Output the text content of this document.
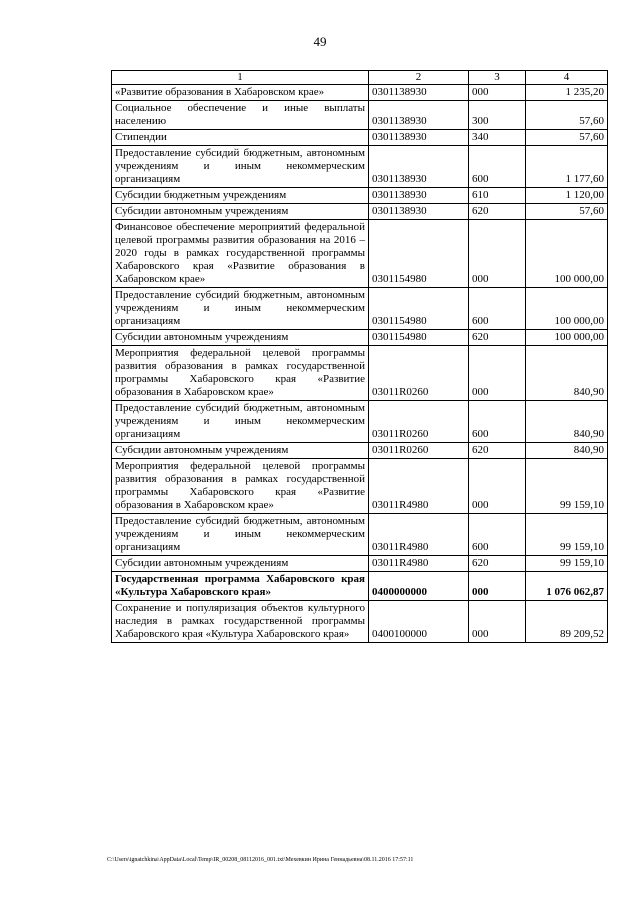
49
1	2	3	4
«Развитие образования в Хабаровском крае»	0301138930	000	1 235,20
Социальное обеспечение и иные выплаты населению	0301138930	300	57,60
Стипендии	0301138930	340	57,60
Предоставление субсидий бюджетным, автономным учреждениям и иным некоммерческим организациям	0301138930	600	1 177,60
Субсидии бюджетным учреждениям	0301138930	610	1 120,00
Субсидии автономным учреждениям	0301138930	620	57,60
Финансовое обеспечение мероприятий федеральной целевой программы развития образования на 2016 – 2020 годы в рамках государственной программы Хабаровского края «Развитие образования в Хабаровском крае»	0301154980	000	100 000,00
Предоставление субсидий бюджетным, автономным учреждениям и иным некоммерческим организациям	0301154980	600	100 000,00
Субсидии автономным учреждениям	0301154980	620	100 000,00
Мероприятия федеральной целевой программы развития образования в рамках государственной программы Хабаровского края «Развитие образования в Хабаровском крае»	03011R0260	000	840,90
Предоставление субсидий бюджетным, автономным учреждениям и иным некоммерческим организациям	03011R0260	600	840,90
Субсидии автономным учреждениям	03011R0260	620	840,90
Мероприятия федеральной целевой программы развития образования в рамках государственной программы Хабаровского края «Развитие образования в Хабаровском крае»	03011R4980	000	99 159,10
Предоставление субсидий бюджетным, автономным учреждениям и иным некоммерческим организациям	03011R4980	600	99 159,10
Субсидии автономным учреждениям	03011R4980	620	99 159,10
Государственная программа Хабаровского края «Культура Хабаровского края»	0400000000	000	1 076 062,87
Сохранение и популяризация объектов культурного наследия в рамках государственной программы Хабаровского края «Культура Хабаровского края»	0400100000	000	89 209,52
C:\Users\ignatchkina\AppData\Local\Temp\IR_00208_08112016_001.txt\Мехевкин Ирина Геннадьевна\08.11.2016 17:57:11
